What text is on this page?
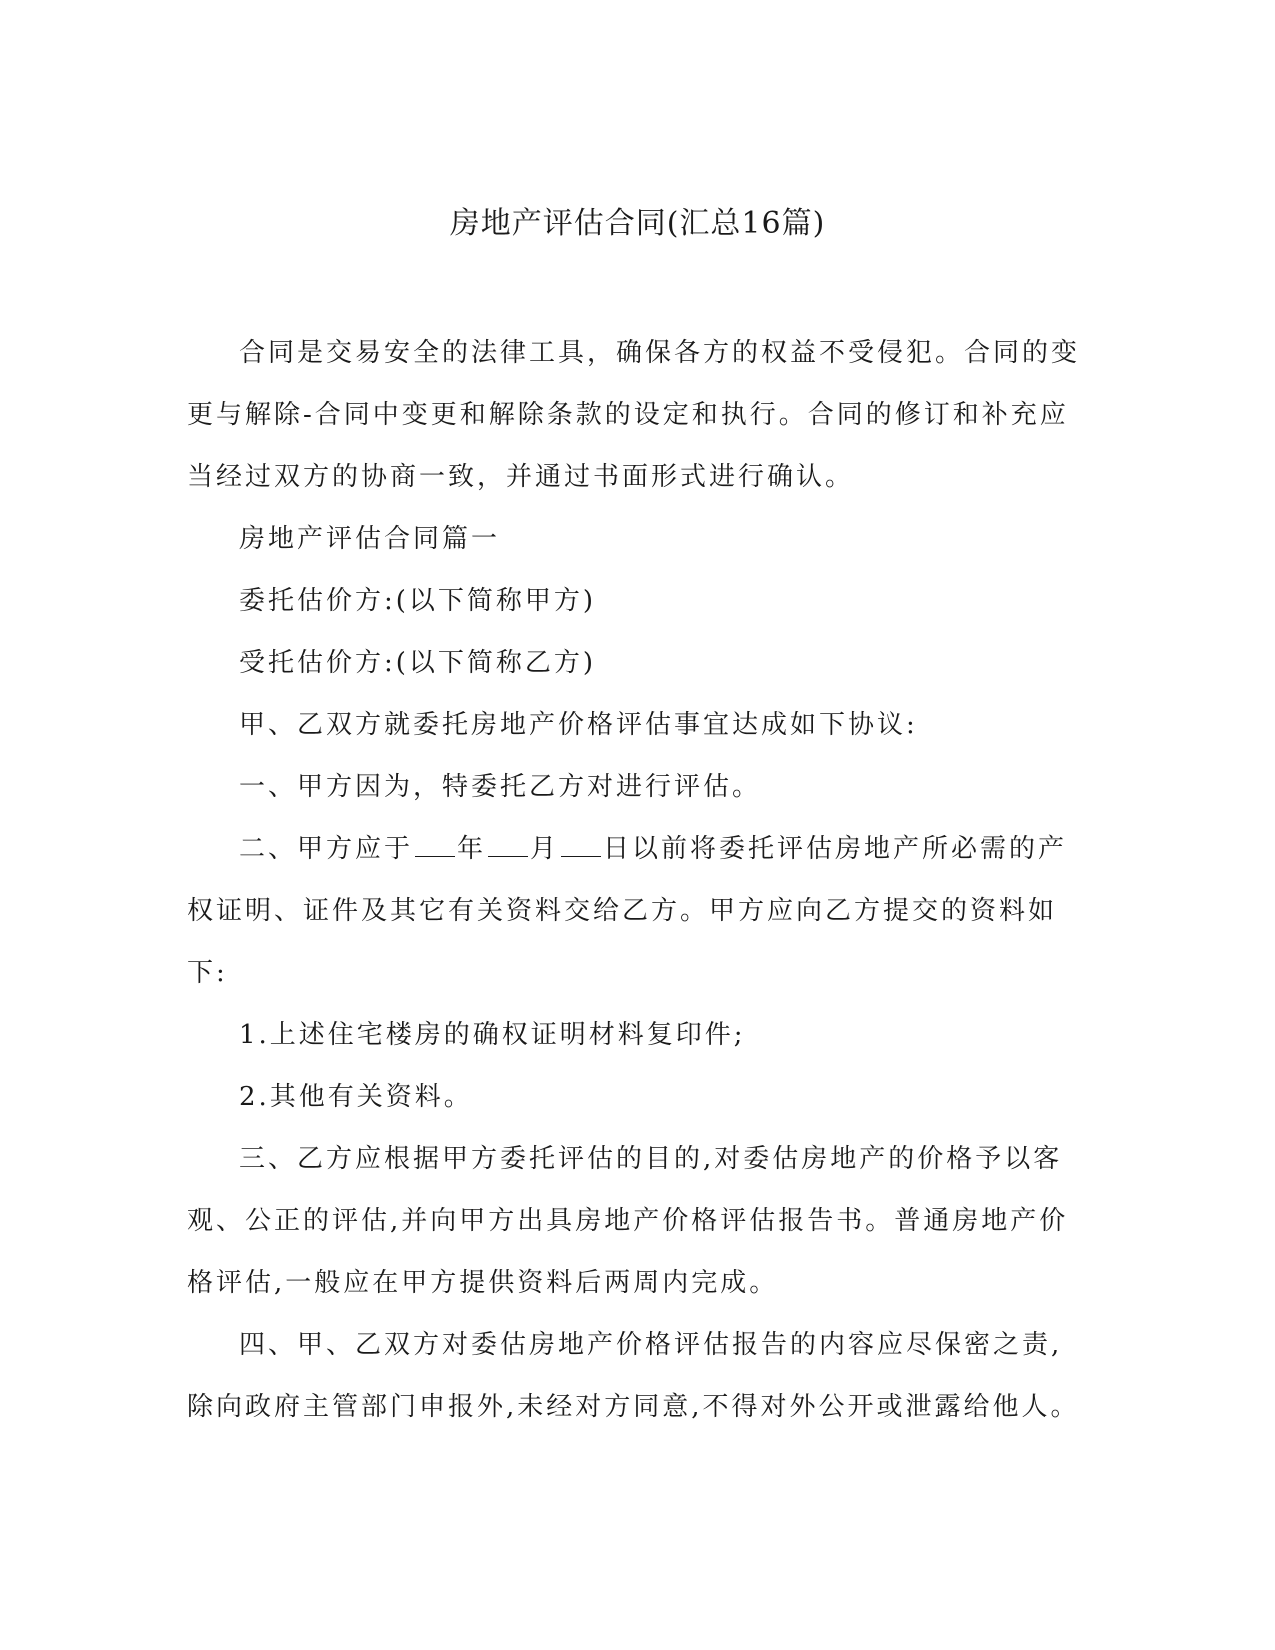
房地产评估合同(汇总16篇)

合同是交易安全的法律工具，确保各方的权益不受侵犯。合同的变更与解除-合同中变更和解除条款的设定和执行。合同的修订和补充应当经过双方的协商一致，并通过书面形式进行确认。

房地产评估合同篇一

委托估价方:(以下简称甲方)

受托估价方:(以下简称乙方)

甲、乙双方就委托房地产价格评估事宜达成如下协议:

一、甲方因为，特委托乙方对进行评估。

二、甲方应于 年 月 日以前将委托评估房地产所必需的产权证明、证件及其它有关资料交给乙方。甲方应向乙方提交的资料如下:

1.上述住宅楼房的确权证明材料复印件;

2.其他有关资料。

三、乙方应根据甲方委托评估的目的,对委估房地产的价格予以客观、公正的评估,并向甲方出具房地产价格评估报告书。普通房地产价格评估,一般应在甲方提供资料后两周内完成。

四、甲、乙双方对委估房地产价格评估报告的内容应尽保密之责,除向政府主管部门申报外,未经对方同意,不得对外公开或泄露给他人。
